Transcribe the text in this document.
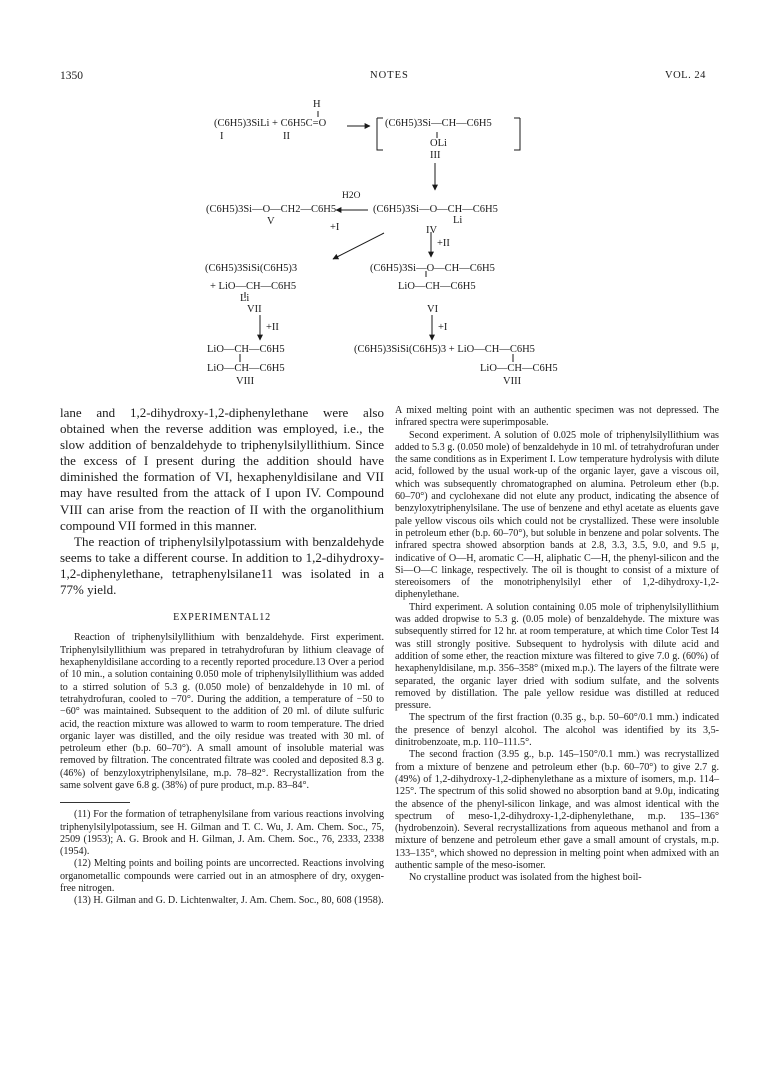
1350	NOTES	VOL. 24
H
(C6H5)3SiLi + C6H5C=O
I	II
(C6H5)3Si—CH—C6H5
OLi
III
H2O
(C6H5)3Si—O—CH2—C6H5
V
(C6H5)3Si—O—CH—C6H5
Li
IV
+I
+II
(C6H5)3SiSi(C6H5)3
+ LiO—CH—C6H5
Li
VII
(C6H5)3Si—O—CH—C6H5
LiO—CH—C6H5
VI
+II	+I
LiO—CH—C6H5
LiO—CH—C6H5
VIII
(C6H5)3SiSi(C6H5)3 + LiO—CH—C6H5
LiO—CH—C6H5
VIII

lane and 1,2-dihydroxy-1,2-diphenylethane were also obtained when the reverse addition was employed, i.e., the slow addition of benzaldehyde to triphenylsilyllithium. Since the excess of I present during the addition should have diminished the formation of VI, hexaphenyldisilane and VII may have resulted from the attack of I upon IV. Compound VIII can arise from the reaction of II with the organolithium compound VII formed in this manner.

The reaction of triphenylsilylpotassium with benzaldehyde seems to take a different course. In addition to 1,2-dihydroxy-1,2-diphenylethane, tetraphenylsilane11 was isolated in a 77% yield.

EXPERIMENTAL12

Reaction of triphenylsilyllithium with benzaldehyde. First experiment. Triphenylsilyllithium was prepared in tetrahydrofuran by lithium cleavage of hexaphenyldisilane according to a recently reported procedure.13 Over a period of 10 min., a solution containing 0.050 mole of triphenylsilyllithium was added to a stirred solution of 5.3 g. (0.050 mole) of benzaldehyde in 10 ml. of tetrahydrofuran, cooled to −70°. During the addition, a temperature of −50 to −60° was maintained. Subsequent to the addition of 20 ml. of dilute sulfuric acid, the reaction mixture was allowed to warm to room temperature. The dried organic layer was distilled, and the oily residue was treated with 30 ml. of petroleum ether (b.p. 60–70°). A small amount of insoluble material was removed by filtration. The concentrated filtrate was cooled and deposited 8.3 g. (46%) of benzyloxytriphenylsilane, m.p. 78–82°. Recrystallization from the same solvent gave 6.8 g. (38%) of pure product, m.p. 83–84°.

(11) For the formation of tetraphenylsilane from various reactions involving triphenylsilylpotassium, see H. Gilman and T. C. Wu, J. Am. Chem. Soc., 75, 2509 (1953); A. G. Brook and H. Gilman, J. Am. Chem. Soc., 76, 2333, 2338 (1954).

(12) Melting points and boiling points are uncorrected. Reactions involving organometallic compounds were carried out in an atmosphere of dry, oxygen-free nitrogen.

(13) H. Gilman and G. D. Lichtenwalter, J. Am. Chem. Soc., 80, 608 (1958).

A mixed melting point with an authentic specimen was not depressed. The infrared spectra were superimposable.

Second experiment. A solution of 0.025 mole of triphenylsilyllithium was added to 5.3 g. (0.050 mole) of benzaldehyde in 10 ml. of tetrahydrofuran under the same conditions as in Experiment I. Low temperature hydrolysis with dilute acid, followed by the usual work-up of the organic layer, gave a viscous oil, which was subsequently chromatographed on alumina. Petroleum ether (b.p. 60–70°) and cyclohexane did not elute any product, indicating the absence of benzyloxytriphenylsilane. The use of benzene and ethyl acetate as eluents gave pale yellow viscous oils which could not be crystallized. These were insoluble in petroleum ether (b.p. 60–70°), but soluble in benzene and polar solvents. The infrared spectra showed absorption bands at 2.8, 3.3, 3.5, 9.0, and 9.5 μ, indicative of O—H, aromatic C—H, aliphatic C—H, the phenyl-silicon and the Si—O—C linkage, respectively. The oil is thought to consist of a mixture of stereoisomers of the monotriphenylsilyl ether of 1,2-dihydroxy-1,2-diphenylethane.

Third experiment. A solution containing 0.05 mole of triphenylsilyllithium was added dropwise to 5.3 g. (0.05 mole) of benzaldehyde. The mixture was subsequently stirred for 12 hr. at room temperature, at which time Color Test I4 was still strongly positive. Subsequent to hydrolysis with dilute acid and addition of some ether, the reaction mixture was filtered to give 7.0 g. (60%) of hexaphenyldisilane, m.p. 356–358° (mixed m.p.). The layers of the filtrate were separated, the organic layer dried with sodium sulfate, and the solvents removed by distillation. The pale yellow residue was distilled at reduced pressure.

The spectrum of the first fraction (0.35 g., b.p. 50–60°/0.1 mm.) indicated the presence of benzyl alcohol. The alcohol was identified by its 3,5-dinitrobenzoate, m.p. 110–111.5°.

The second fraction (3.95 g., b.p. 145–150°/0.1 mm.) was recrystallized from a mixture of benzene and petroleum ether (b.p. 60–70°) to give 2.7 g. (49%) of 1,2-dihydroxy-1,2-diphenylethane as a mixture of isomers, m.p. 114–125°. The spectrum of this solid showed no absorption band at 9.0μ, indicating the absence of the phenyl-silicon linkage, and was almost identical with the spectrum of meso-1,2-dihydroxy-1,2-diphenylethane, m.p. 135–136° (hydrobenzoin). Several recrystallizations from aqueous methanol and from a mixture of benzene and petroleum ether gave a small amount of crystals, m.p. 133–135°, which showed no depression in melting point when admixed with an authentic sample of the meso-isomer.

No crystalline product was isolated from the highest boil-
